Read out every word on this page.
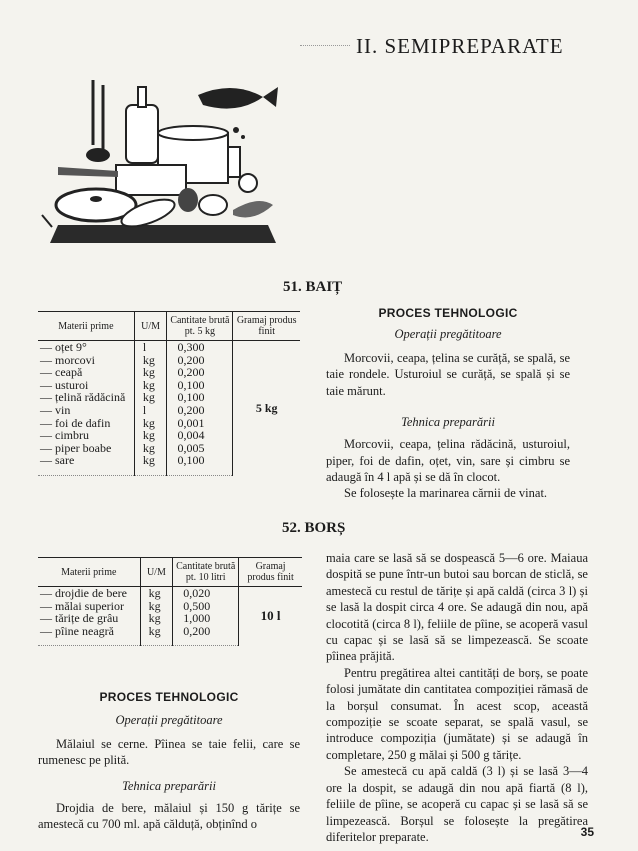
II. SEMIPREPARATE
51. BAIȚ
Materii prime	U/M	Cantitate brută pt. 5 kg	Gramaj produs finit
— oțet 9°	l	0,300	5 kg
— morcovi	kg	0,200	
— ceapă	kg	0,200	
— usturoi	kg	0,100	
— țelină rădăcină	kg	0,100	
— vin	l	0,200	
— foi de dafin	kg	0,001	
— cimbru	kg	0,004	
— piper boabe	kg	0,005	
— sare	kg	0,100	
PROCES TEHNOLOGIC
Operații pregătitoare

Morcovii, ceapa, țelina se curăță, se spală, se taie rondele. Usturoiul se curăță, se spală și se taie mărunt.

Tehnica preparării

Morcovii, ceapa, țelina rădăcină, usturoiul, piper, foi de dafin, oțet, vin, sare și cimbru se adaugă în 4 l apă și se dă în clocot.

Se folosește la marinarea cărnii de vinat.

52. BORȘ
Materii prime	U/M	Cantitate brută pt. 10 litri	Gramaj produs finit
— drojdie de bere	kg	0,020	10 l
— mălai superior	kg	0,500	
— tărițe de grâu	kg	1,000	
— pîine neagră	kg	0,200	
PROCES TEHNOLOGIC
Operații pregătitoare

Mălaiul se cerne. Pîinea se taie felii, care se rumenesc pe plită.

Tehnica preparării

Drojdia de bere, mălaiul și 150 g tărițe se amestecă cu 700 ml. apă călduță, obținînd o

maia care se lasă să se dospească 5—6 ore. Maiaua dospită se pune într-un butoi sau borcan de sticlă, se amestecă cu restul de tărițe și apă caldă (circa 3 l) și se lasă la dospit circa 4 ore. Se adaugă din nou, apă clocotită (circa 8 l), feliile de pîine, se acoperă vasul cu capac și se lasă să se limpezească. Se scoate pîinea prăjită.

Pentru pregătirea altei cantități de borș, se poate folosi jumătate din cantitatea compoziției rămasă de la borșul consumat. În acest scop, această compoziție se scoate separat, se spală vasul, se introduce compoziția (jumătate) și se adaugă în completare, 250 g mălai și 500 g tărițe.

Se amestecă cu apă caldă (3 l) și se lasă 3—4 ore la dospit, se adaugă din nou apă fiartă (8 l), feliile de pîine, se acoperă cu capac și se lasă să se limpezească. Borșul se folosește la pregătirea diferitelor preparate.	35
